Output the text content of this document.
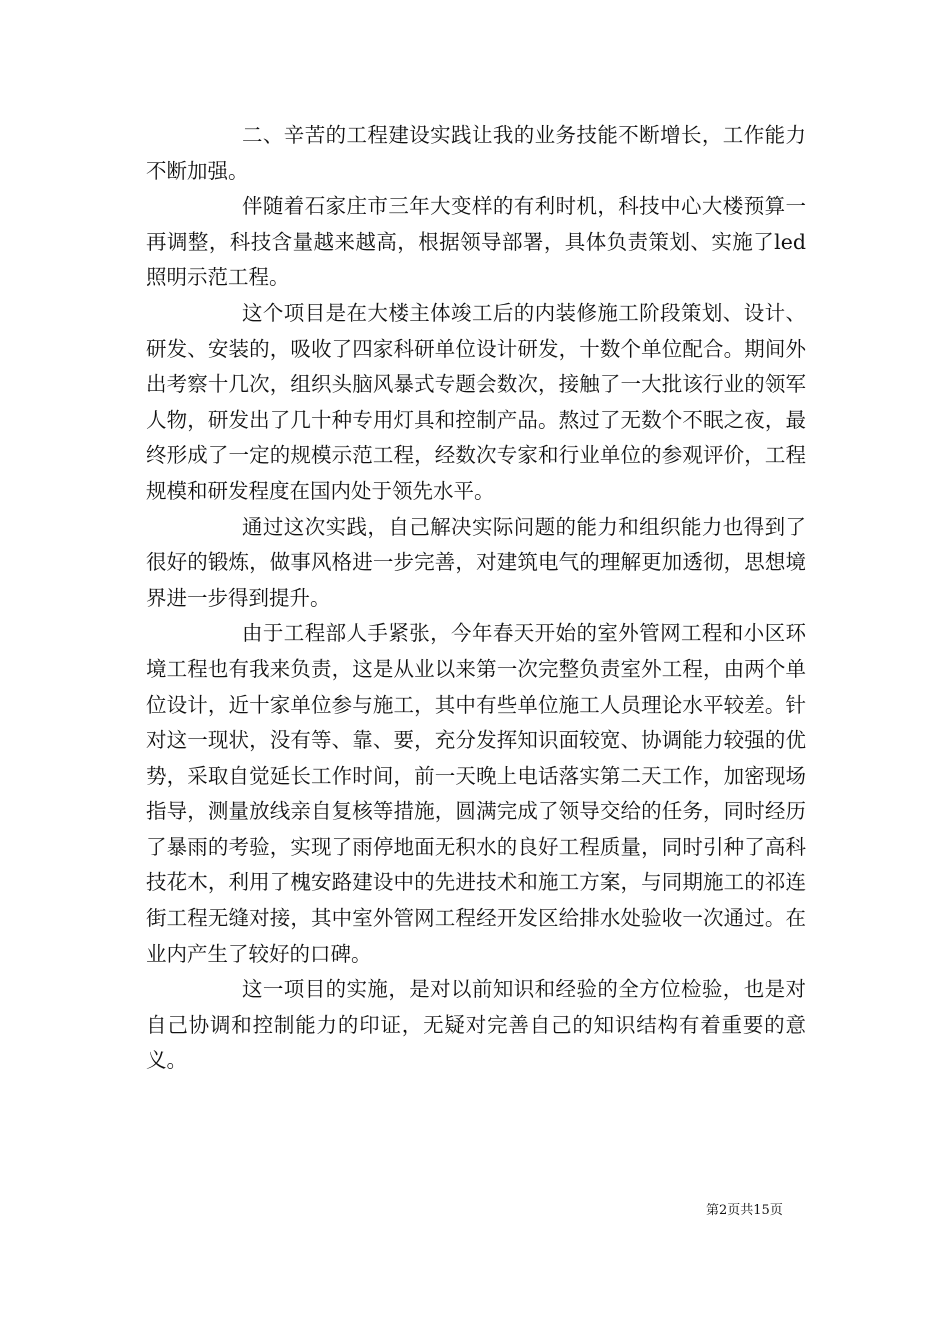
二、辛苦的工程建设实践让我的业务技能不断增长，工作能力不断加强。

伴随着石家庄市三年大变样的有利时机，科技中心大楼预算一再调整，科技含量越来越高，根据领导部署，具体负责策划、实施了led照明示范工程。

这个项目是在大楼主体竣工后的内装修施工阶段策划、设计、研发、安装的，吸收了四家科研单位设计研发，十数个单位配合。期间外出考察十几次，组织头脑风暴式专题会数次，接触了一大批该行业的领军人物，研发出了几十种专用灯具和控制产品。熬过了无数个不眠之夜，最终形成了一定的规模示范工程，经数次专家和行业单位的参观评价，工程规模和研发程度在国内处于领先水平。

通过这次实践，自己解决实际问题的能力和组织能力也得到了很好的锻炼，做事风格进一步完善，对建筑电气的理解更加透彻，思想境界进一步得到提升。

由于工程部人手紧张，今年春天开始的室外管网工程和小区环境工程也有我来负责，这是从业以来第一次完整负责室外工程，由两个单位设计，近十家单位参与施工，其中有些单位施工人员理论水平较差。针对这一现状，没有等、靠、要，充分发挥知识面较宽、协调能力较强的优势，采取自觉延长工作时间，前一天晚上电话落实第二天工作，加密现场指导，测量放线亲自复核等措施，圆满完成了领导交给的任务，同时经历了暴雨的考验，实现了雨停地面无积水的良好工程质量，同时引种了高科技花木，利用了槐安路建设中的先进技术和施工方案，与同期施工的祁连街工程无缝对接，其中室外管网工程经开发区给排水处验收一次通过。在业内产生了较好的口碑。

这一项目的实施，是对以前知识和经验的全方位检验，也是对自己协调和控制能力的印证，无疑对完善自己的知识结构有着重要的意义。

第2页共15页
